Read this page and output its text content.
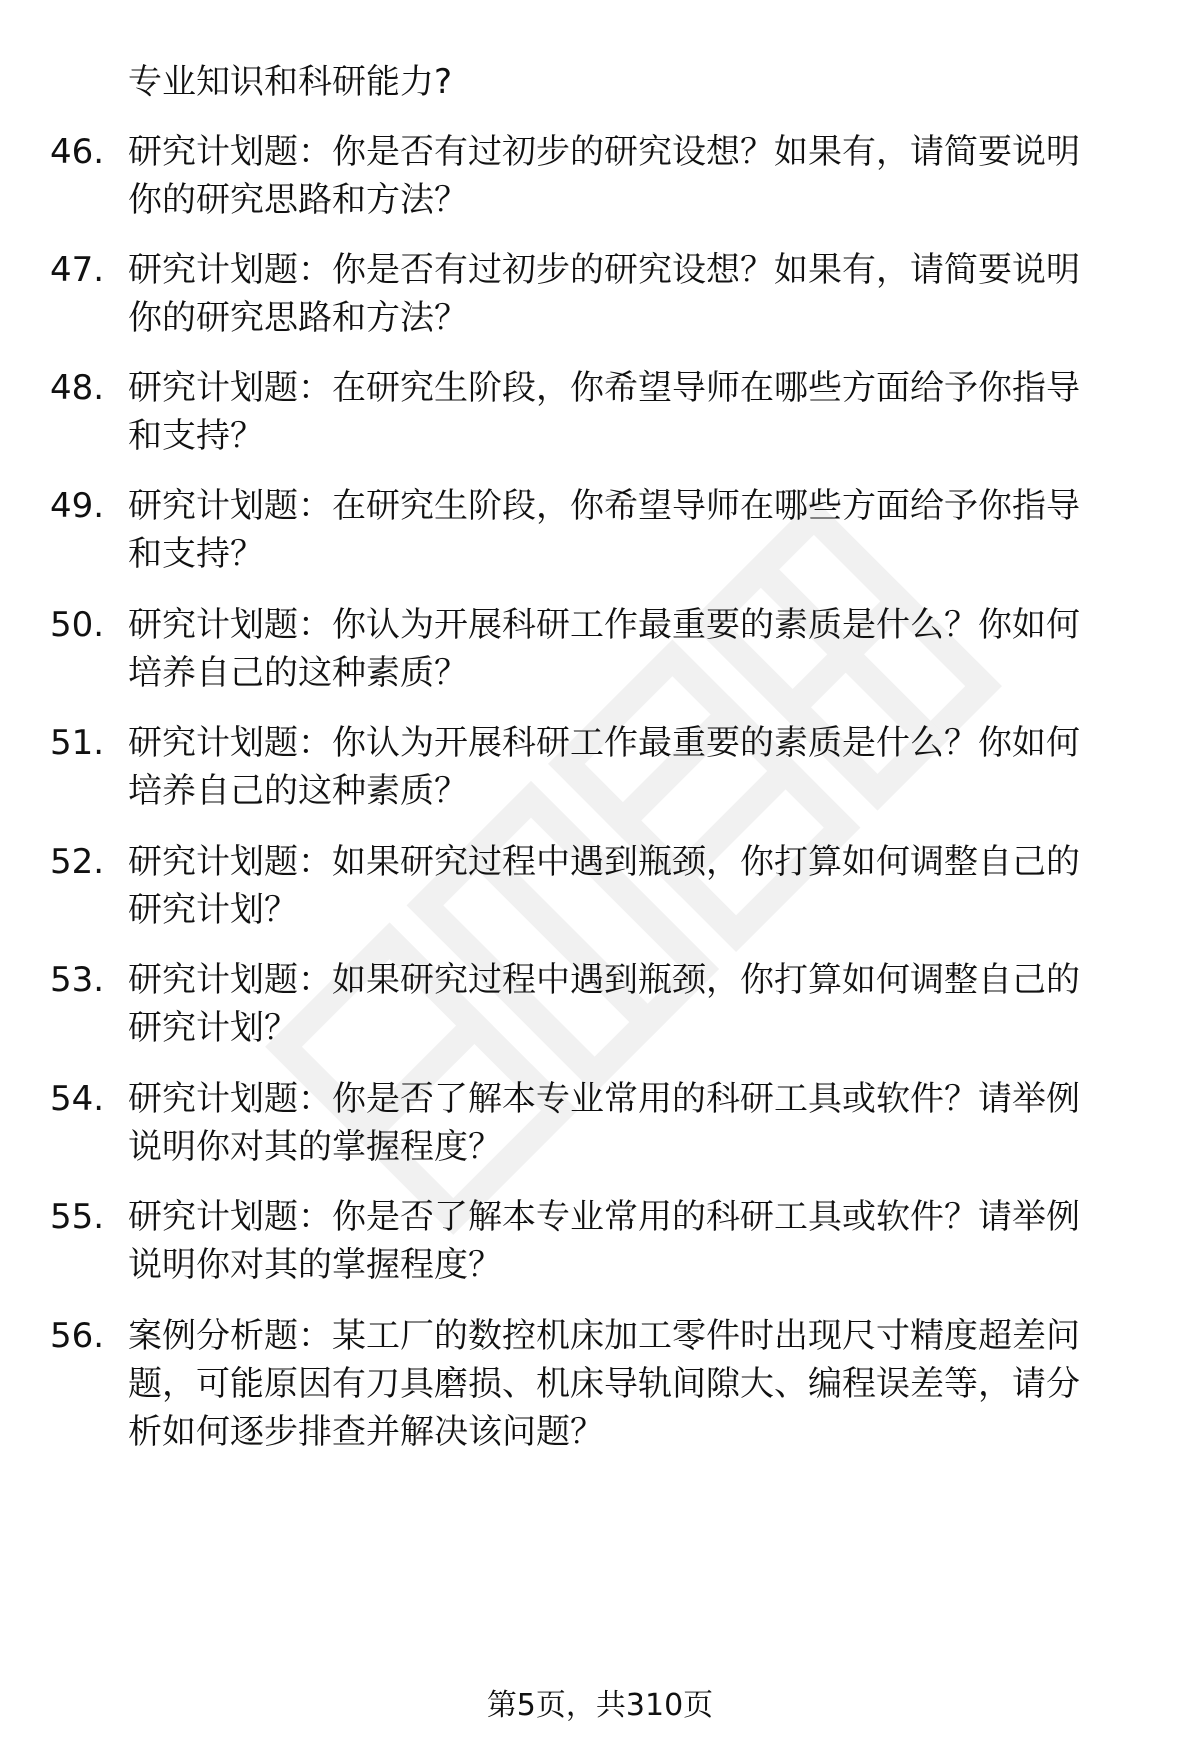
专业知识和科研能力?
46. 研究计划题：你是否有过初步的研究设想？如果有，请简要说明
你的研究思路和方法？
47. 研究计划题：你是否有过初步的研究设想？如果有，请简要说明
你的研究思路和方法？
48. 研究计划题：在研究生阶段，你希望导师在哪些方面给予你指导
和支持？
49. 研究计划题：在研究生阶段，你希望导师在哪些方面给予你指导
和支持？
50. 研究计划题：你认为开展科研工作最重要的素质是什么？你如何
培养自己的这种素质？
51. 研究计划题：你认为开展科研工作最重要的素质是什么？你如何
培养自己的这种素质？
52. 研究计划题：如果研究过程中遇到瓶颈，你打算如何调整自己的
研究计划？
53. 研究计划题：如果研究过程中遇到瓶颈，你打算如何调整自己的
研究计划？
54. 研究计划题：你是否了解本专业常用的科研工具或软件？请举例
说明你对其的掌握程度？
55. 研究计划题：你是否了解本专业常用的科研工具或软件？请举例
说明你对其的掌握程度？
56. 案例分析题：某工厂的数控机床加工零件时出现尺寸精度超差问
题，可能原因有刀具磨损、机床导轨间隙大、编程误差等，请分
析如何逐步排查并解决该问题？
第5页，共310页
